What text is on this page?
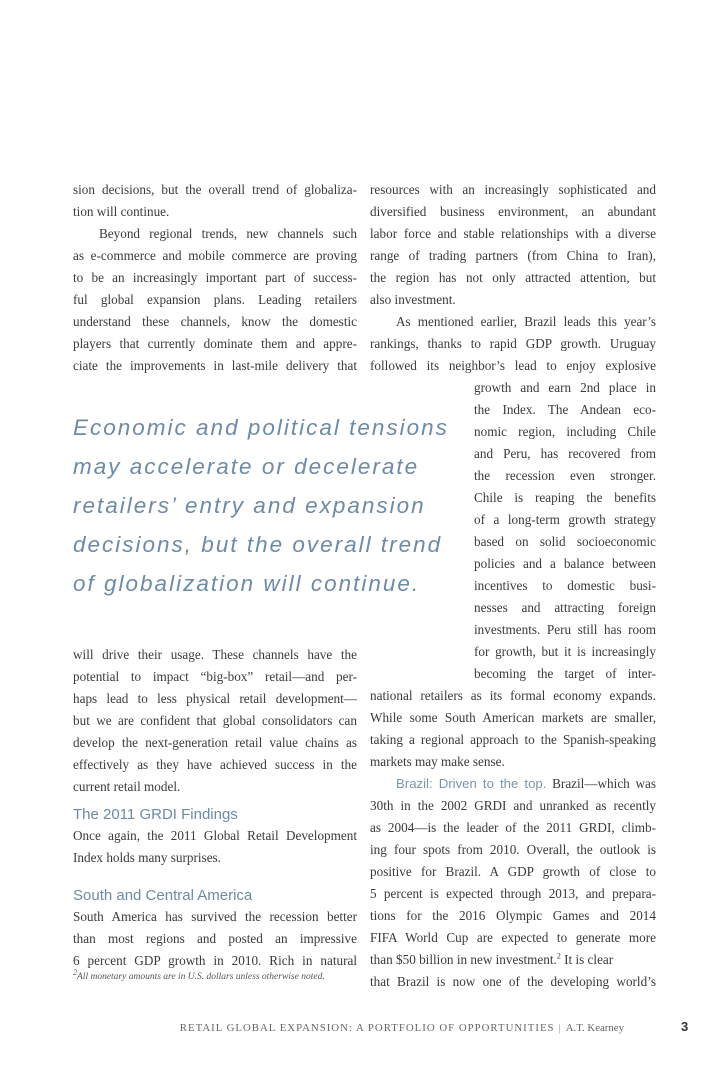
sion decisions, but the overall trend of globaliza-
tion will continue.
Beyond regional trends, new channels such
as e-commerce and mobile commerce are proving
to be an increasingly important part of success-
ful global expansion plans. Leading retailers
understand these channels, know the domestic
players that currently dominate them and appre-
ciate the improvements in last-mile delivery that
Economic and political tensions
may accelerate or decelerate
retailers’ entry and expansion
decisions, but the overall trend
of globalization will continue.
will drive their usage. These channels have the
potential to impact “big-box” retail—and per-
haps lead to less physical retail development—
but we are confident that global consolidators can
develop the next-generation retail value chains as
effectively as they have achieved success in the
current retail model.
The 2011 GRDI Findings
Once again, the 2011 Global Retail Development
Index holds many surprises.
South and Central America
South America has survived the recession better
than most regions and posted an impressive
6 percent GDP growth in 2010. Rich in natural
$^2$All monetary amounts are in U.S. dollars unless otherwise noted.
resources with an increasingly sophisticated and
diversified business environment, an abundant
labor force and stable relationships with a diverse
range of trading partners (from China to Iran),
the region has not only attracted attention, but
also investment.
As mentioned earlier, Brazil leads this year’s
rankings, thanks to rapid GDP growth. Uruguay
followed its neighbor’s lead to enjoy explosive
growth and earn 2nd place in
the Index. The Andean eco-
nomic region, including Chile
and Peru, has recovered from
the recession even stronger.
Chile is reaping the benefits
of a long-term growth strategy
based on solid socioeconomic
policies and a balance between
incentives to domestic busi-
nesses and attracting foreign
investments. Peru still has room
for growth, but it is increasingly
becoming the target of inter-
national retailers as its formal economy expands.
While some South American markets are smaller,
taking a regional approach to the Spanish-speaking
markets may make sense.
Brazil: Driven to the top. Brazil—which was
30th in the 2002 GRDI and unranked as recently
as 2004—is the leader of the 2011 GRDI, climb-
ing four spots from 2010. Overall, the outlook is
positive for Brazil. A GDP growth of close to
5 percent is expected through 2013, and prepara-
tions for the 2016 Olympic Games and 2014
FIFA World Cup are expected to generate more
than $50 billion in new investment.$^2$ It is clear
RETAIL GLOBAL EXPANSION: A PORTFOLIO OF OPPORTUNITIES | A.T. Kearney	3
that Brazil is now one of the developing world’s
